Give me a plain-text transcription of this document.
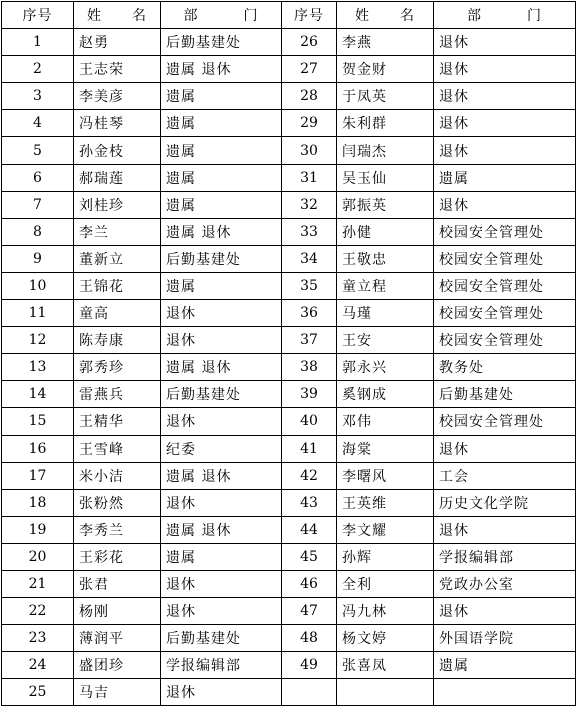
序号	姓　　名	部　　　门	序号	姓　　名	部　　　门
1	赵勇	后勤基建处	26	李燕	退休
2	王志荣	遗属 退休	27	贺金财	退休
3	李美彦	遗属	28	于凤英	退休
4	冯桂琴	遗属	29	朱利群	退休
5	孙金枝	遗属	30	闫瑞杰	退休
6	郝瑞莲	遗属	31	吴玉仙	遗属
7	刘桂珍	遗属	32	郭振英	退休
8	李兰	遗属 退休	33	孙健	校园安全管理处
9	董新立	后勤基建处	34	王敬忠	校园安全管理处
10	王锦花	遗属	35	童立程	校园安全管理处
11	童高	退休	36	马瑾	校园安全管理处
12	陈寿康	退休	37	王安	校园安全管理处
13	郭秀珍	遗属 退休	38	郭永兴	教务处
14	雷燕兵	后勤基建处	39	奚钢成	后勤基建处
15	王精华	退休	40	邓伟	校园安全管理处
16	王雪峰	纪委	41	海棠	退休
17	米小洁	遗属 退休	42	李曙风	工会
18	张粉然	退休	43	王英维	历史文化学院
19	李秀兰	遗属 退休	44	李文耀	退休
20	王彩花	遗属	45	孙辉	学报编辑部
21	张君	退休	46	全利	党政办公室
22	杨刚	退休	47	冯九林	退休
23	薄润平	后勤基建处	48	杨文婷	外国语学院
24	盛团珍	学报编辑部	49	张喜凤	遗属
25	马吉	退休			
